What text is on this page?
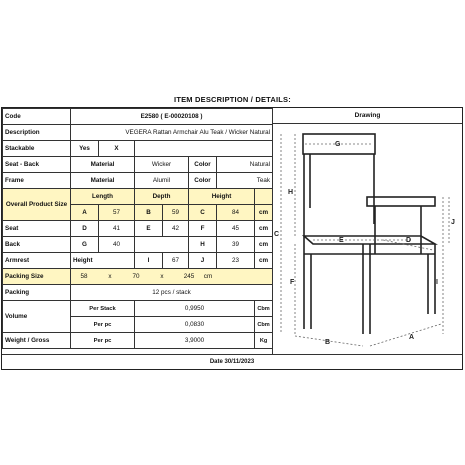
ITEM DESCRIPTION / DETAILS:
Code	E2580 ( E-00020108 )						
Description	VEGERA Rattan Armchair Alu Teak / Wicker Natural						
Stackable	Yes	X					
Seat - Back	Material		Wicker		Color	Natural	
Frame	Material		Alumil		Color	Teak	
Overall Product Size	Length		Depth		Height		
	A	57	B	59	C	84	cm
Seat	D	41	E	42	F	45	cm
Back	G	40			H	39	cm
Armrest	Height		I	67	J	23	cm
Packing Size	58 x 70 x 245 cm						
Packing	12 pcs / stack						
Volume	Per Stack		0,9950				Cbm
	Per pc		0,0830				Cbm
Weight / Gross	Per pc		3,9000				Kg
Drawing
G
H
C
I
J
E	D
F
B
A
Date 30/11/2023
